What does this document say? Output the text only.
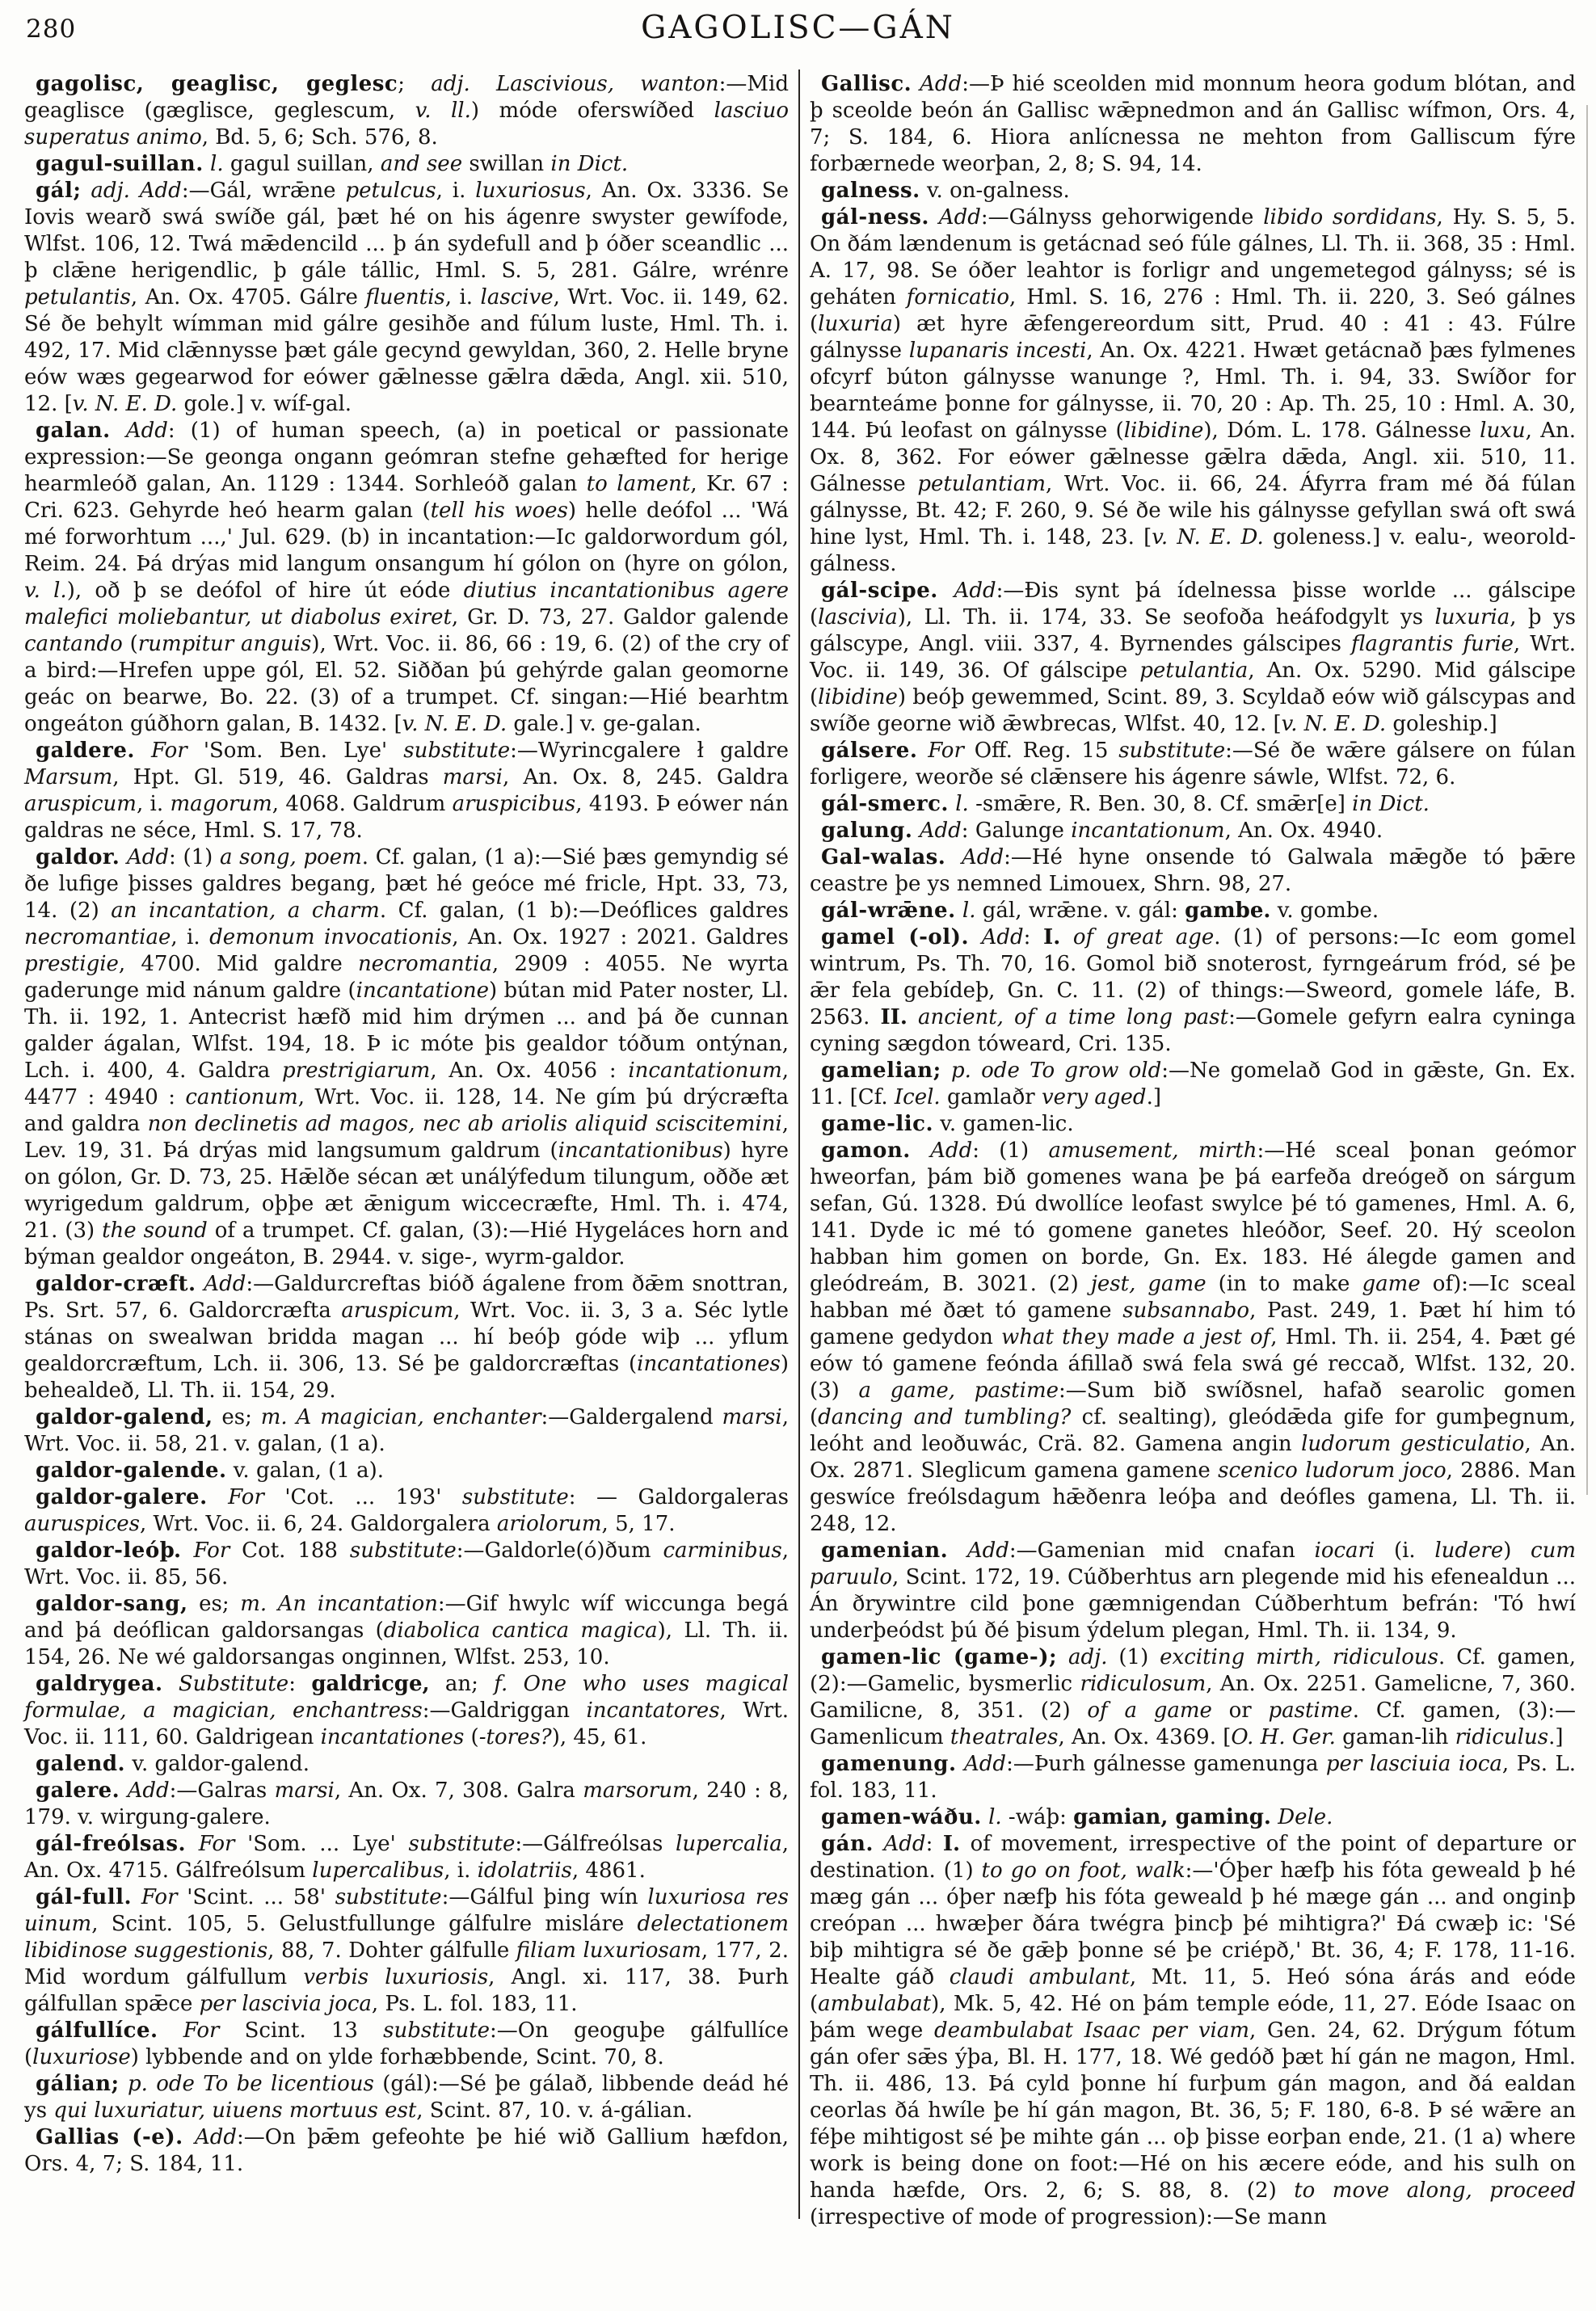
280	GAGOLISC—GÁN

gagolisc, geaglisc, geglesc; adj. Lascivious, wanton:—Mid geaglisce (gæglisce, geglescum, v. ll.) móde oferswíðed lasciuo superatus animo, Bd. 5, 6; Sch. 576, 8.

gagul-suillan. l. gagul suillan, and see swillan in Dict.

gál; adj. Add:—Gál, wrǣne petulcus, i. luxuriosus, An. Ox. 3336. Se Iovis wearð swá swíðe gál, þæt hé on his ágenre swyster gewífode, Wlfst. 106, 12. Twá mǣdencild ... þ án sydefull and þ óðer sceandlic ... þ clǣne herigendlic, þ gále tállic, Hml. S. 5, 281. Gálre, wrénre petulantis, An. Ox. 4705. Gálre fluentis, i. lascive, Wrt. Voc. ii. 149, 62. Sé ðe behylt wímman mid gálre gesihðe and fúlum luste, Hml. Th. i. 492, 17. Mid clǣnnysse þæt gále gecynd gewyldan, 360, 2. Helle bryne eów wæs gegearwod for eówer gǣlnesse gǣlra dǣda, Angl. xii. 510, 12. [v. N. E. D. gole.] v. wíf-gal.

galan. Add: (1) of human speech, (a) in poetical or passionate expression:—Se geonga ongann geómran stefne gehæfted for herige hearmleóð galan, An. 1129 : 1344. Sorhleóð galan to lament, Kr. 67 : Cri. 623. Gehyrde heó hearm galan (tell his woes) helle deófol ... 'Wá mé forworhtum ...,' Jul. 629. (b) in incantation:—Ic galdorwordum gól, Reim. 24. Þá drýas mid langum onsangum hí gólon on (hyre on gólon, v. l.), oð þ se deófol of hire út eóde diutius incantationibus agere malefici moliebantur, ut diabolus exiret, Gr. D. 73, 27. Galdor galende cantando (rumpitur anguis), Wrt. Voc. ii. 86, 66 : 19, 6. (2) of the cry of a bird:—Hrefen uppe gól, El. 52. Siððan þú gehýrde galan geomorne geác on bearwe, Bo. 22. (3) of a trumpet. Cf. singan:—Hié bearhtm ongeáton gúðhorn galan, B. 1432. [v. N. E. D. gale.] v. ge-galan.

galdere. For 'Som. Ben. Lye' substitute:—Wyrincgalere ł galdre Marsum, Hpt. Gl. 519, 46. Galdras marsi, An. Ox. 8, 245. Galdra aruspicum, i. magorum, 4068. Galdrum aruspicibus, 4193. Þ eówer nán galdras ne séce, Hml. S. 17, 78.

galdor. Add: (1) a song, poem. Cf. galan, (1 a):—Sié þæs gemyndig sé ðe lufige þisses galdres begang, þæt hé geóce mé fricle, Hpt. 33, 73, 14. (2) an incantation, a charm. Cf. galan, (1 b):—Deóflices galdres necromantiae, i. demonum invocationis, An. Ox. 1927 : 2021. Galdres prestigie, 4700. Mid galdre necromantia, 2909 : 4055. Ne wyrta gaderunge mid nánum galdre (incantatione) bútan mid Pater noster, Ll. Th. ii. 192, 1. Antecrist hæfð mid him drýmen ... and þá ðe cunnan galder ágalan, Wlfst. 194, 18. Þ ic móte þis gealdor tóðum ontýnan, Lch. i. 400, 4. Galdra prestrigiarum, An. Ox. 4056 : incantationum, 4477 : 4940 : cantionum, Wrt. Voc. ii. 128, 14. Ne gím þú drýcræfta and galdra non declinetis ad magos, nec ab ariolis aliquid sciscitemini, Lev. 19, 31. Þá drýas mid langsumum galdrum (incantationibus) hyre on gólon, Gr. D. 73, 25. Hǣlðe sécan æt unálýfedum tilungum, oððe æt wyrigedum galdrum, oþþe æt ǣnigum wiccecræfte, Hml. Th. i. 474, 21. (3) the sound of a trumpet. Cf. galan, (3):—Hié Hygeláces horn and býman gealdor ongeáton, B. 2944. v. sige-, wyrm-galdor.

galdor-cræft. Add:—Galdurcreftas bióð ágalene from ðǣm snottran, Ps. Srt. 57, 6. Galdorcræfta aruspicum, Wrt. Voc. ii. 3, 3 a. Séc lytle stánas on swealwan bridda magan ... hí beóþ góde wiþ ... yflum gealdorcræftum, Lch. ii. 306, 13. Sé þe galdorcræftas (incantationes) behealdeð, Ll. Th. ii. 154, 29.

galdor-galend, es; m. A magician, enchanter:—Galdergalend marsi, Wrt. Voc. ii. 58, 21. v. galan, (1 a).

galdor-galende. v. galan, (1 a).

galdor-galere. For 'Cot. ... 193' substitute: — Galdorgaleras auruspices, Wrt. Voc. ii. 6, 24. Galdorgalera ariolorum, 5, 17.

galdor-leóþ. For Cot. 188 substitute:—Galdorle(ó)ðum carminibus, Wrt. Voc. ii. 85, 56.

galdor-sang, es; m. An incantation:—Gif hwylc wíf wiccunga begá and þá deóflican galdorsangas (diabolica cantica magica), Ll. Th. ii. 154, 26. Ne wé galdorsangas onginnen, Wlfst. 253, 10.

galdrygea. Substitute: galdricge, an; f. One who uses magical formulae, a magician, enchantress:—Galdriggan incantatores, Wrt. Voc. ii. 111, 60. Galdrigean incantationes (-tores?), 45, 61.

galend. v. galdor-galend.

galere. Add:—Galras marsi, An. Ox. 7, 308. Galra marsorum, 240 : 8, 179. v. wirgung-galere.

gál-freólsas. For 'Som. ... Lye' substitute:—Gálfreólsas lupercalia, An. Ox. 4715. Gálfreólsum lupercalibus, i. idolatriis, 4861.

gál-full. For 'Scint. ... 58' substitute:—Gálful þing wín luxuriosa res uinum, Scint. 105, 5. Gelustfullunge gálfulre misláre delectationem libidinose suggestionis, 88, 7. Dohter gálfulle filiam luxuriosam, 177, 2. Mid wordum gálfullum verbis luxuriosis, Angl. xi. 117, 38. Þurh gálfullan spǣce per lascivia joca, Ps. L. fol. 183, 11.

gálfullíce. For Scint. 13 substitute:—On geoguþe gálfullíce (luxuriose) lybbende and on ylde forhæbbende, Scint. 70, 8.

gálian; p. ode To be licentious (gál):—Sé þe gálað, libbende deád hé ys qui luxuriatur, uiuens mortuus est, Scint. 87, 10. v. á-gálian.

Gallias (-e). Add:—On þǣm gefeohte þe hié wið Gallium hæfdon, Ors. 4, 7; S. 184, 11.

Gallisc. Add:—Þ hié sceolden mid monnum heora godum blótan, and þ sceolde beón án Gallisc wǣpnedmon and án Gallisc wífmon, Ors. 4, 7; S. 184, 6. Hiora anlícnessa ne mehton from Galliscum fýre forbærnede weorþan, 2, 8; S. 94, 14.

galness. v. on-galness.

gál-ness. Add:—Gálnyss gehorwigende libido sordidans, Hy. S. 5, 5. On ðám lændenum is getácnad seó fúle gálnes, Ll. Th. ii. 368, 35 : Hml. A. 17, 98. Se óðer leahtor is forligr and ungemetegod gálnyss; sé is geháten fornicatio, Hml. S. 16, 276 : Hml. Th. ii. 220, 3. Seó gálnes (luxuria) æt hyre ǣfengereordum sitt, Prud. 40 : 41 : 43. Fúlre gálnysse lupanaris incesti, An. Ox. 4221. Hwæt getácnað þæs fylmenes ofcyrf búton gálnysse wanunge ?, Hml. Th. i. 94, 33. Swíðor for bearnteáme þonne for gálnysse, ii. 70, 20 : Ap. Th. 25, 10 : Hml. A. 30, 144. Þú leofast on gálnysse (libidine), Dóm. L. 178. Gálnesse luxu, An. Ox. 8, 362. For eówer gǣlnesse gǣlra dǣda, Angl. xii. 510, 11. Gálnesse petulantiam, Wrt. Voc. ii. 66, 24. Áfyrra fram mé ðá fúlan gálnysse, Bt. 42; F. 260, 9. Sé ðe wile his gálnysse gefyllan swá oft swá hine lyst, Hml. Th. i. 148, 23. [v. N. E. D. goleness.] v. ealu-, weorold-gálness.

gál-scipe. Add:—Ðis synt þá ídelnessa þisse worlde ... gálscipe (lascivia), Ll. Th. ii. 174, 33. Se seofoða heáfodgylt ys luxuria, þ ys gálscype, Angl. viii. 337, 4. Byrnendes gálscipes flagrantis furie, Wrt. Voc. ii. 149, 36. Of gálscipe petulantia, An. Ox. 5290. Mid gálscipe (libidine) beóþ gewemmed, Scint. 89, 3. Scyldað eów wið gálscypas and swíðe georne wið ǣwbrecas, Wlfst. 40, 12. [v. N. E. D. goleship.]

gálsere. For Off. Reg. 15 substitute:—Sé ðe wǣre gálsere on fúlan forligere, weorðe sé clǣnsere his ágenre sáwle, Wlfst. 72, 6.

gál-smerc. l. -smǣre, R. Ben. 30, 8. Cf. smǣr[e] in Dict.

galung. Add: Galunge incantationum, An. Ox. 4940.

Gal-walas. Add:—Hé hyne onsende tó Galwala mǣgðe tó þǣre ceastre þe ys nemned Limouex, Shrn. 98, 27.

gál-wrǣne. l. gál, wrǣne. v. gál: gambe. v. gombe.

gamel (-ol). Add: I. of great age. (1) of persons:—Ic eom gomel wintrum, Ps. Th. 70, 16. Gomol bið snoterost, fyrngeárum fród, sé þe ǣr fela gebídeþ, Gn. C. 11. (2) of things:—Sweord, gomele láfe, B. 2563. II. ancient, of a time long past:—Gomele gefyrn ealra cyninga cyning sægdon tóweard, Cri. 135.

gamelian; p. ode To grow old:—Ne gomelað God in gǣste, Gn. Ex. 11. [Cf. Icel. gamlaðr very aged.]

game-lic. v. gamen-lic.

gamon. Add: (1) amusement, mirth:—Hé sceal þonan geómor hweorfan, þám bið gomenes wana þe þá earfeða dreógeð on sárgum sefan, Gú. 1328. Ðú dwollíce leofast swylce þé tó gamenes, Hml. A. 6, 141. Dyde ic mé tó gomene ganetes hleóðor, Seef. 20. Hý sceolon habban him gomen on borde, Gn. Ex. 183. Hé álegde gamen and gleódreám, B. 3021. (2) jest, game (in to make game of):—Ic sceal habban mé ðæt tó gamene subsannabo, Past. 249, 1. Þæt hí him tó gamene gedydon what they made a jest of, Hml. Th. ii. 254, 4. Þæt gé eów tó gamene feónda áfillað swá fela swá gé reccað, Wlfst. 132, 20. (3) a game, pastime:—Sum bið swíðsnel, hafað searolic gomen (dancing and tumbling? cf. sealting), gleódǣda gife for gumþegnum, leóht and leoðuwác, Crä. 82. Gamena angin ludorum gesticulatio, An. Ox. 2871. Sleglicum gamena gamene scenico ludorum joco, 2886. Man geswíce freólsdagum hǣðenra leóþa and deófles gamena, Ll. Th. ii. 248, 12.

gamenian. Add:—Gamenian mid cnafan iocari (i. ludere) cum paruulo, Scint. 172, 19. Cúðberhtus arn plegende mid his efenealdun ... Án ðrywintre cild þone gæmnigendan Cúðberhtum befrán: 'Tó hwí underþeódst þú ðé þisum ýdelum plegan, Hml. Th. ii. 134, 9.

gamen-lic (game-); adj. (1) exciting mirth, ridiculous. Cf. gamen, (2):—Gamelic, bysmerlic ridiculosum, An. Ox. 2251. Gamelicne, 7, 360. Gamilicne, 8, 351. (2) of a game or pastime. Cf. gamen, (3):—Gamenlicum theatrales, An. Ox. 4369. [O. H. Ger. gaman-lih ridiculus.]

gamenung. Add:—Þurh gálnesse gamenunga per lasciuia ioca, Ps. L. fol. 183, 11.

gamen-wáðu. l. -wáþ: gamian, gaming. Dele.

gán. Add: I. of movement, irrespective of the point of departure or destination. (1) to go on foot, walk:—'Óþer hæfþ his fóta geweald þ hé mæg gán ... óþer næfþ his fóta geweald þ hé mæge gán ... and onginþ creópan ... hwæþer ðára twégra þincþ þé mihtigra?' Ðá cwæþ ic: 'Sé biþ mihtigra sé ðe gǣþ þonne sé þe criépð,' Bt. 36, 4; F. 178, 11-16. Healte gáð claudi ambulant, Mt. 11, 5. Heó sóna árás and eóde (ambulabat), Mk. 5, 42. Hé on þám temple eóde, 11, 27. Eóde Isaac on þám wege deambulabat Isaac per viam, Gen. 24, 62. Drýgum fótum gán ofer sǣs ýþa, Bl. H. 177, 18. Wé gedóð þæt hí gán ne magon, Hml. Th. ii. 486, 13. Þá cyld þonne hí furþum gán magon, and ðá ealdan ceorlas ðá hwíle þe hí gán magon, Bt. 36, 5; F. 180, 6-8. Þ sé wǣre an féþe mihtigost sé þe mihte gán ... oþ þisse eorþan ende, 21. (1 a) where work is being done on foot:—Hé on his æcere eóde, and his sulh on handa hæfde, Ors. 2, 6; S. 88, 8. (2) to move along, proceed (irrespective of mode of progression):—Se mann
